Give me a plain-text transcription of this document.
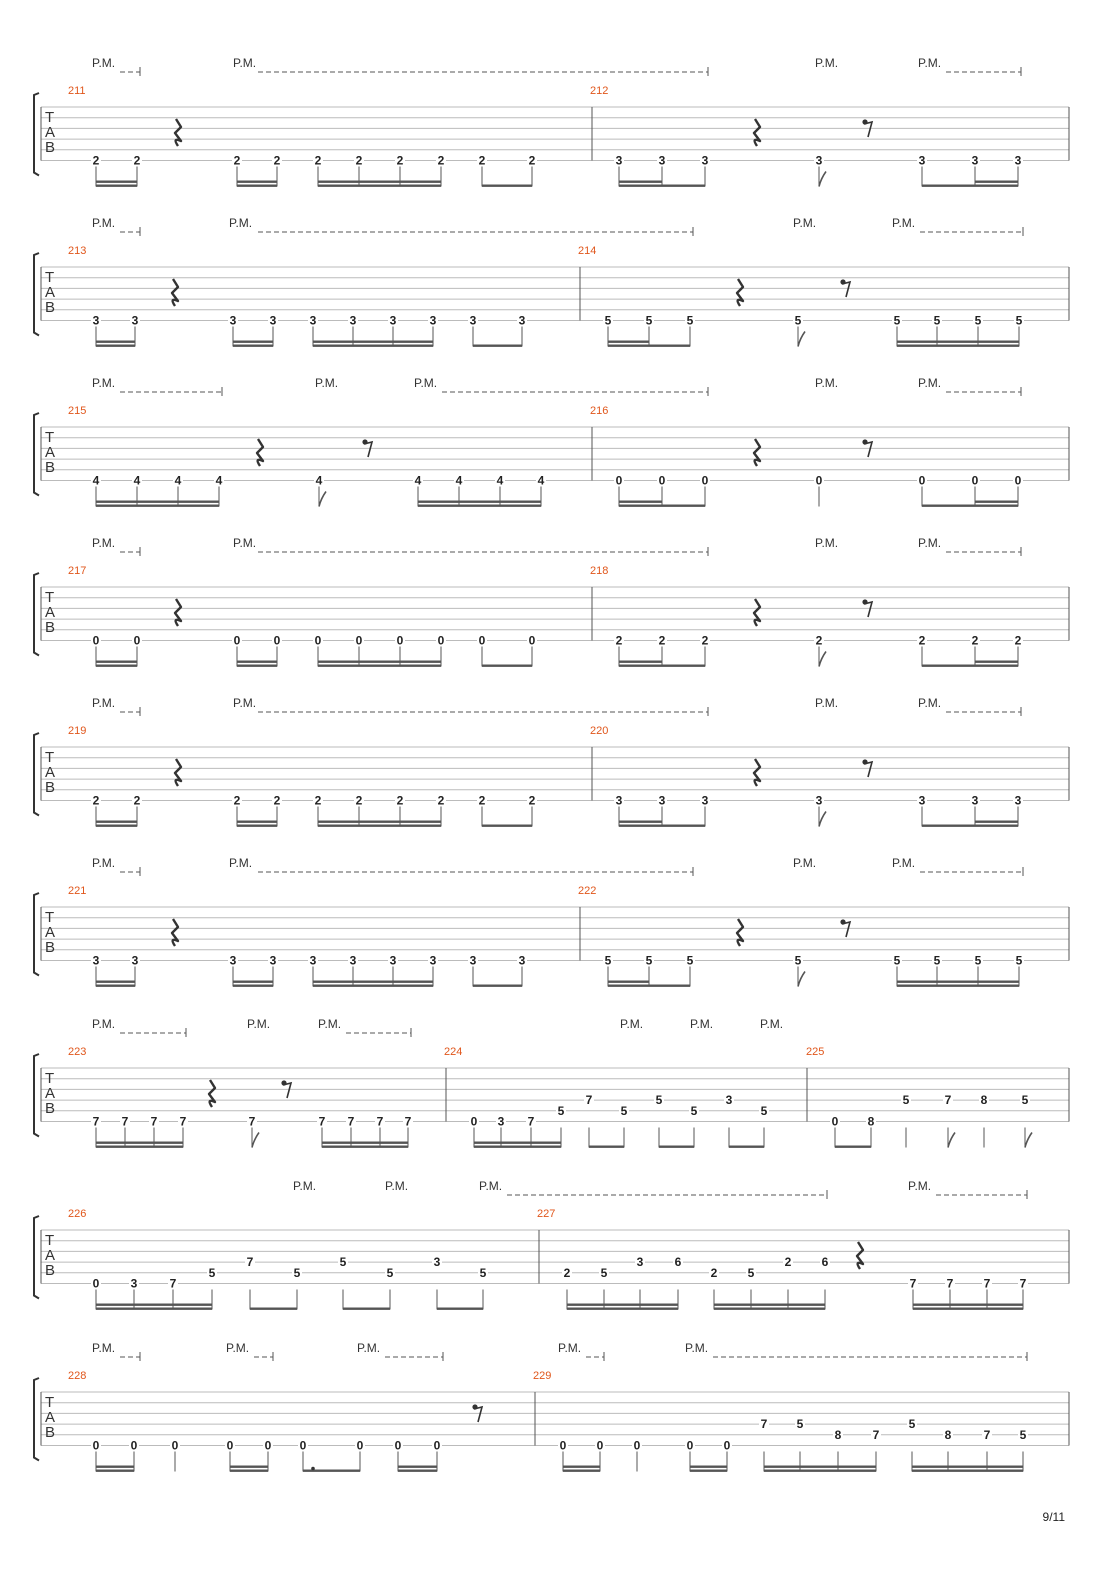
T
A
B
211	212
P.M.	P.M.	P.M.	P.M.
2	2	2	2	2	2	2	2	2	2	3	3	3	3	3	3	3
T
A
B
213	214
P.M.	P.M.	P.M.	P.M.
3	3	3	3	3	3	3	3	3	3	5	5	5	5	5	5	5	5
T
A
B
215	216
P.M.	P.M.	P.M.	P.M.	P.M.
4	4	4	4	4	4	4	4	4	0	0	0	0	0	0	0
T
A
B
217	218
P.M.	P.M.	P.M.	P.M.
0	0	0	0	0	0	0	0	0	0	2	2	2	2	2	2	2
T
A
B
219	220
P.M.	P.M.	P.M.	P.M.
2	2	2	2	2	2	2	2	2	2	3	3	3	3	3	3	3
T
A
B
221	222
P.M.	P.M.	P.M.	P.M.
3	3	3	3	3	3	3	3	3	3	5	5	5	5	5	5	5	5
T
A
B
223	224	225
P.M.	P.M.	P.M.	P.M.	P.M.	P.M.
7 7 7 7	7	7 7 7 7	0 3 7
5
7
5
5
5
3
5
0 8
5	7 8	5
T
A
B
226	227
P.M.	P.M.	P.M.	P.M.
0	3	7
5
7
5
5
5
3
5	2	5
3	6
2	5
2	6
7	7	7 7
T
A
B
228	229
P.M.	P.M.	P.M.	P.M.	P.M.
0	0	0	0	0 0	0	0	0	0	0	0	0	0
7 5
8	7
5
8	7 5
9/11
